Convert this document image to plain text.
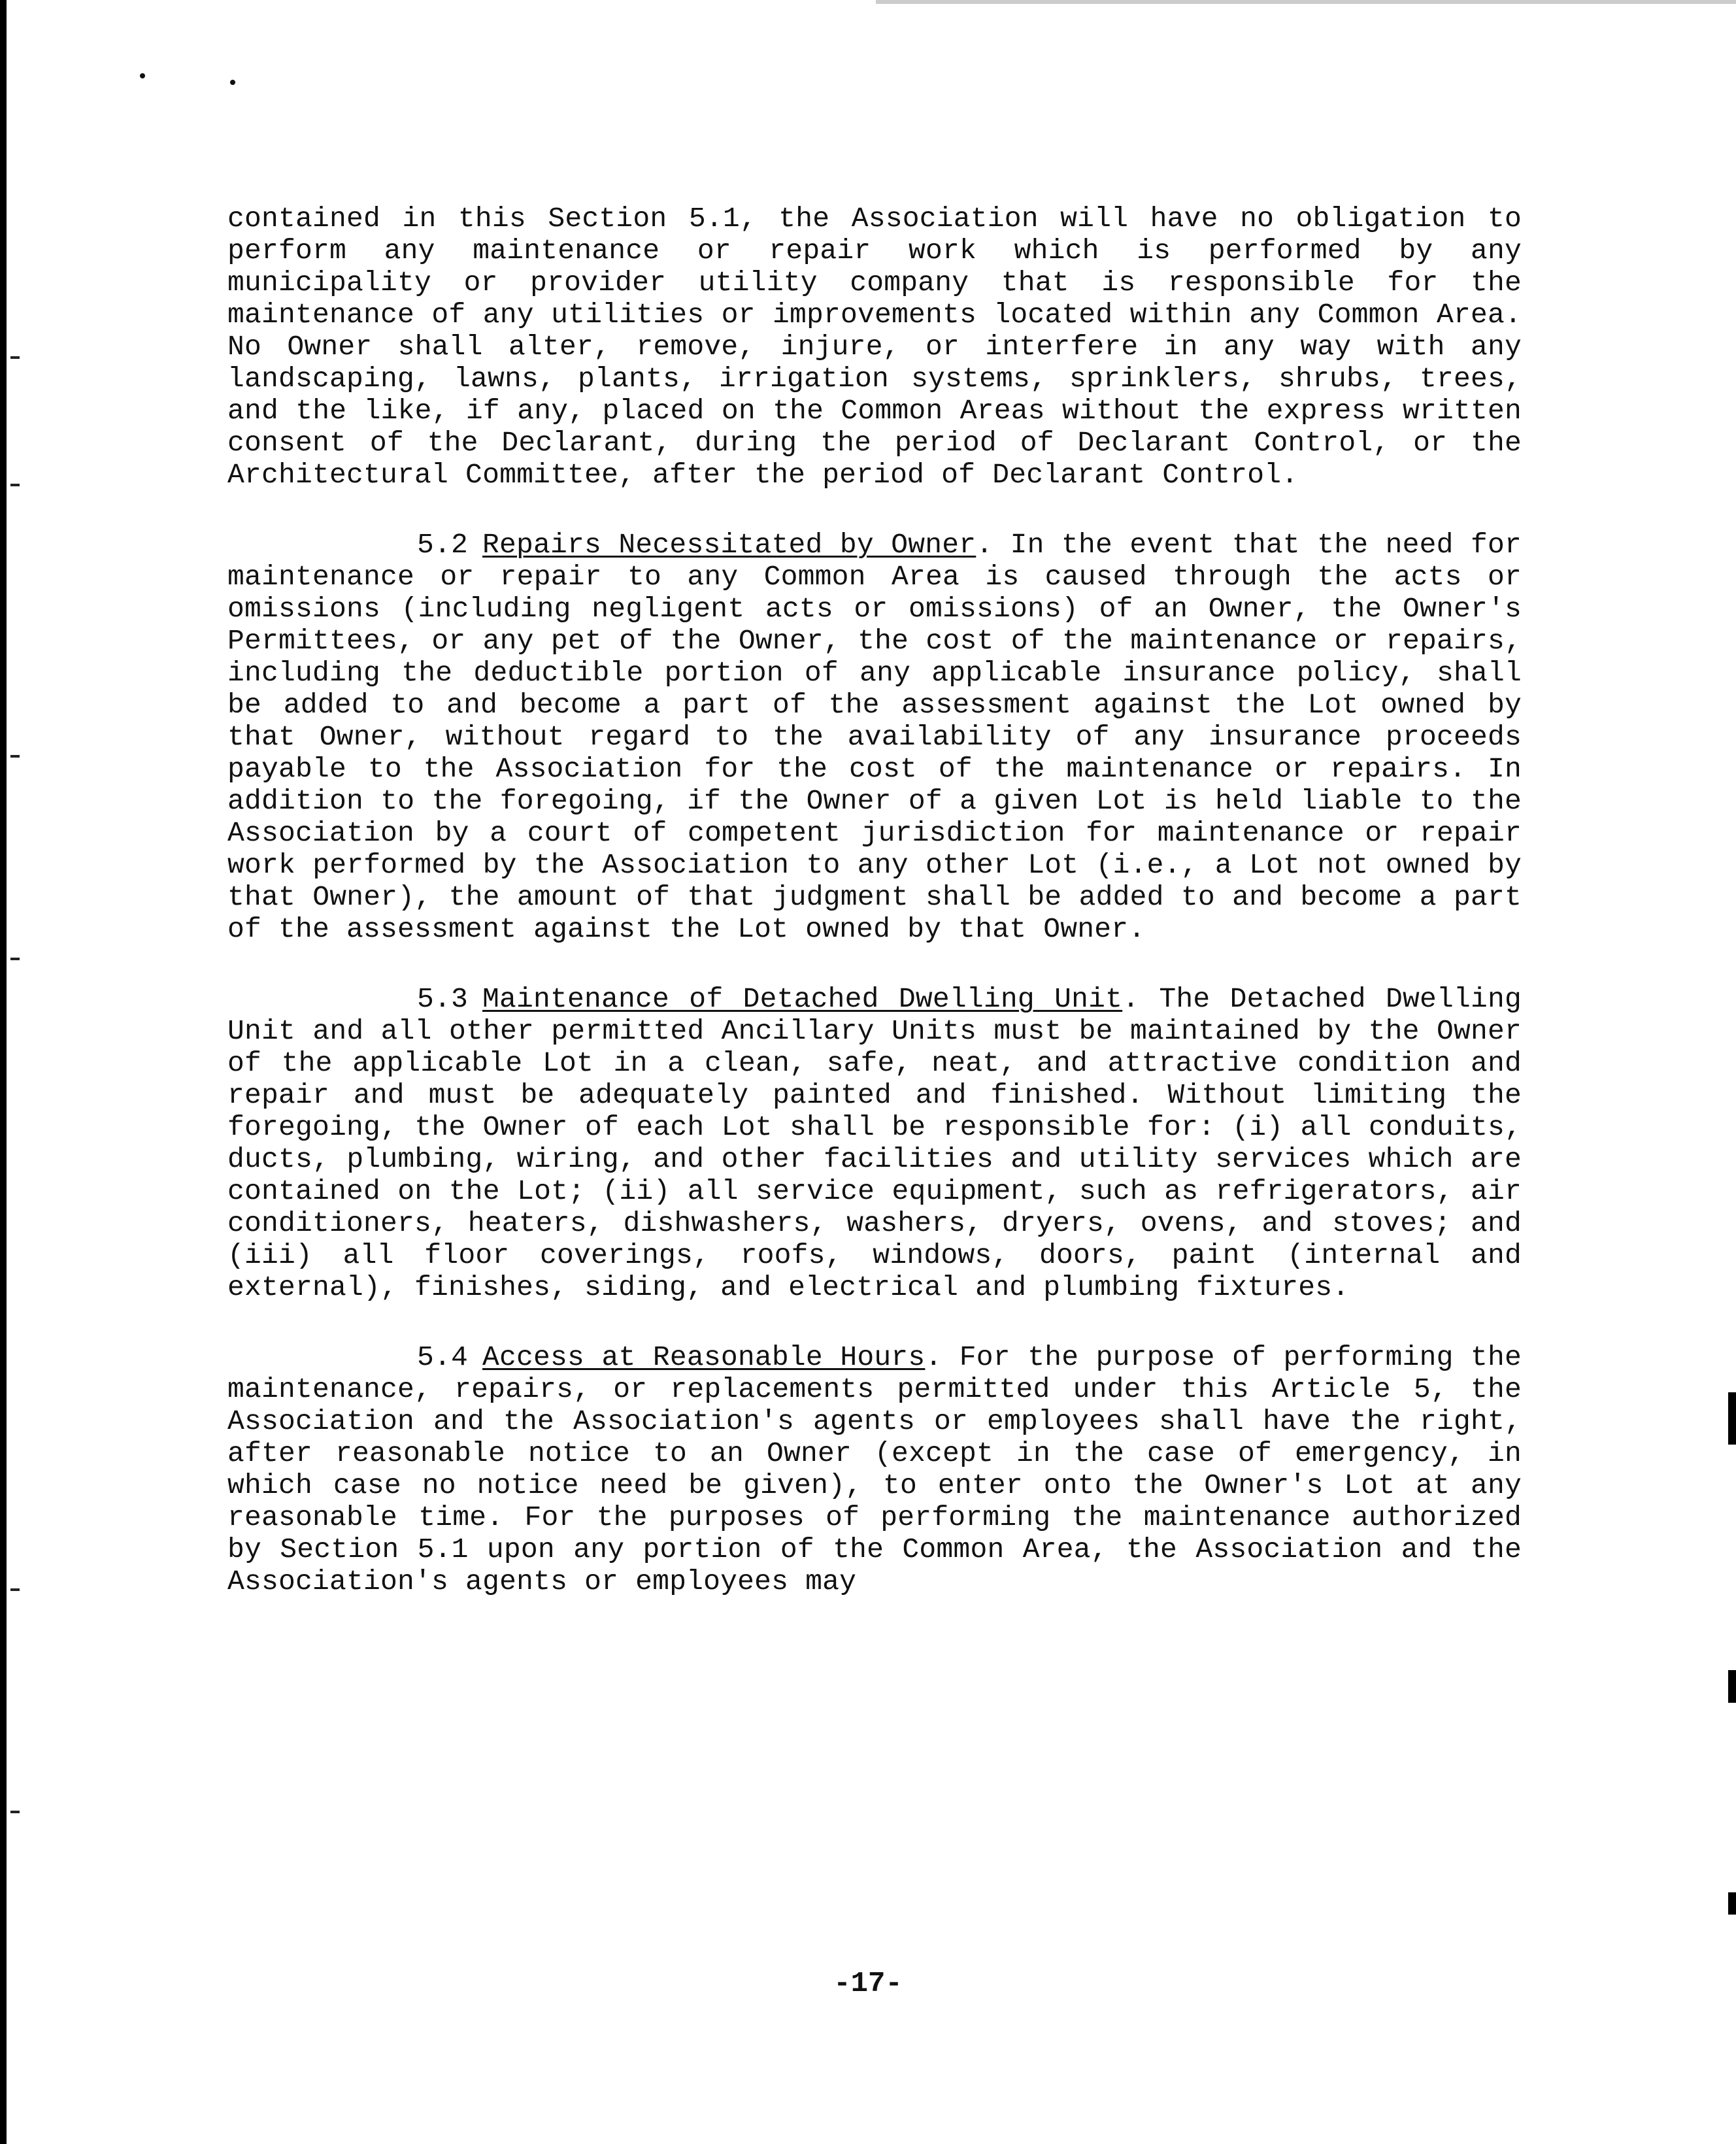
contained in this Section 5.1, the Association will have no obligation to perform any maintenance or repair work which is performed by any municipality or provider utility company that is responsible for the maintenance of any utilities or improvements located within any Common Area. No Owner shall alter, remove, injure, or interfere in any way with any landscaping, lawns, plants, irrigation systems, sprinklers, shrubs, trees, and the like, if any, placed on the Common Areas without the express written consent of the Declarant, during the period of Declarant Control, or the Architectural Committee, after the period of Declarant Control.

5.2 Repairs Necessitated by Owner. In the event that the need for maintenance or repair to any Common Area is caused through the acts or omissions (including negligent acts or omissions) of an Owner, the Owner's Permittees, or any pet of the Owner, the cost of the maintenance or repairs, including the deductible portion of any applicable insurance policy, shall be added to and become a part of the assessment against the Lot owned by that Owner, without regard to the availability of any insurance proceeds payable to the Association for the cost of the maintenance or repairs. In addition to the foregoing, if the Owner of a given Lot is held liable to the Association by a court of competent jurisdiction for maintenance or repair work performed by the Association to any other Lot (i.e., a Lot not owned by that Owner), the amount of that judgment shall be added to and become a part of the assessment against the Lot owned by that Owner.

5.3 Maintenance of Detached Dwelling Unit. The Detached Dwelling Unit and all other permitted Ancillary Units must be maintained by the Owner of the applicable Lot in a clean, safe, neat, and attractive condition and repair and must be adequately painted and finished. Without limiting the foregoing, the Owner of each Lot shall be responsible for: (i) all conduits, ducts, plumbing, wiring, and other facilities and utility services which are contained on the Lot; (ii) all service equipment, such as refrigerators, air conditioners, heaters, dishwashers, washers, dryers, ovens, and stoves; and (iii) all floor coverings, roofs, windows, doors, paint (internal and external), finishes, siding, and electrical and plumbing fixtures.

5.4 Access at Reasonable Hours. For the purpose of performing the maintenance, repairs, or replacements permitted under this Article 5, the Association and the Association's agents or employees shall have the right, after reasonable notice to an Owner (except in the case of emergency, in which case no notice need be given), to enter onto the Owner's Lot at any reasonable time. For the purposes of performing the maintenance authorized by Section 5.1 upon any portion of the Common Area, the Association and the Association's agents or employees may

-17-
